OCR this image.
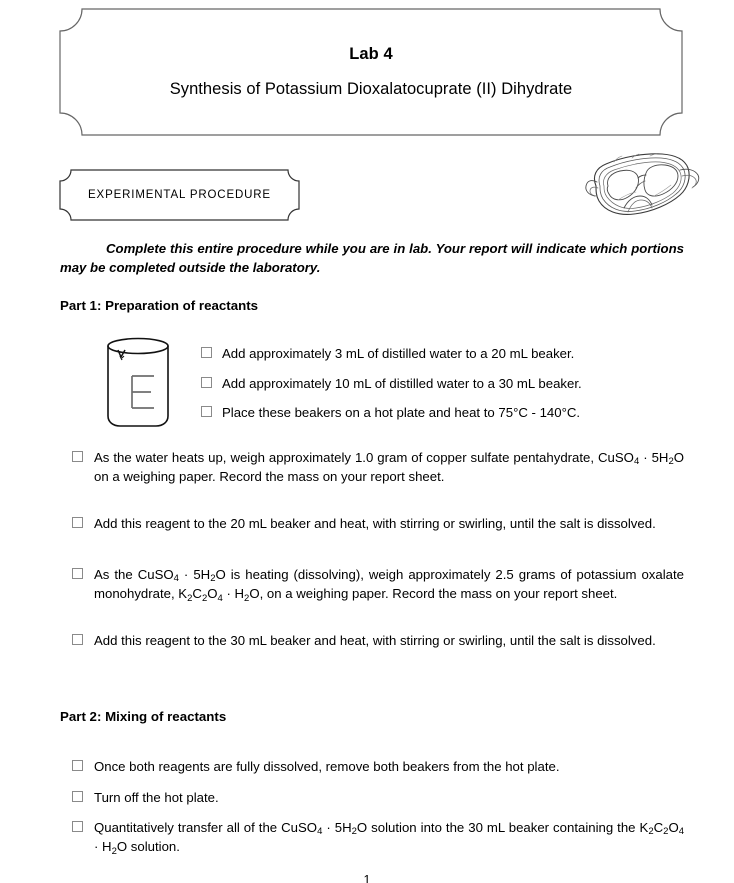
Lab 4
Synthesis of Potassium Dioxalatocuprate (II) Dihydrate
EXPERIMENTAL PROCEDURE
Complete this entire procedure while you are in lab. Your report will indicate which portions may be completed outside the laboratory.
Part 1: Preparation of reactants
Add approximately 3 mL of distilled water to a 20 mL beaker.
Add approximately 10 mL of distilled water to a 30 mL beaker.
Place these beakers on a hot plate and heat to 75°C - 140°C.
As the water heats up, weigh approximately 1.0 gram of copper sulfate pentahydrate, CuSO$_4$ · $5H_2O$ on a weighing paper. Record the mass on your report sheet.
Add this reagent to the 20 mL beaker and heat, with stirring or swirling, until the salt is dissolved.
As the CuSO$_4$ · $5H_2O$ is heating (dissolving), weigh approximately 2.5 grams of potassium oxalate monohydrate, $K_2C_2O_4 \cdot H_2O$, on a weighing paper. Record the mass on your report sheet.
Add this reagent to the 30 mL beaker and heat, with stirring or swirling, until the salt is dissolved.
Part 2: Mixing of reactants
Once both reagents are fully dissolved, remove both beakers from the hot plate.
Turn off the hot plate.
Quantitatively transfer all of the CuSO$_4$ · $5H_2O$ solution into the 30 mL beaker containing the $K_2C_2O_4 \cdot H_2O$ solution.
1
